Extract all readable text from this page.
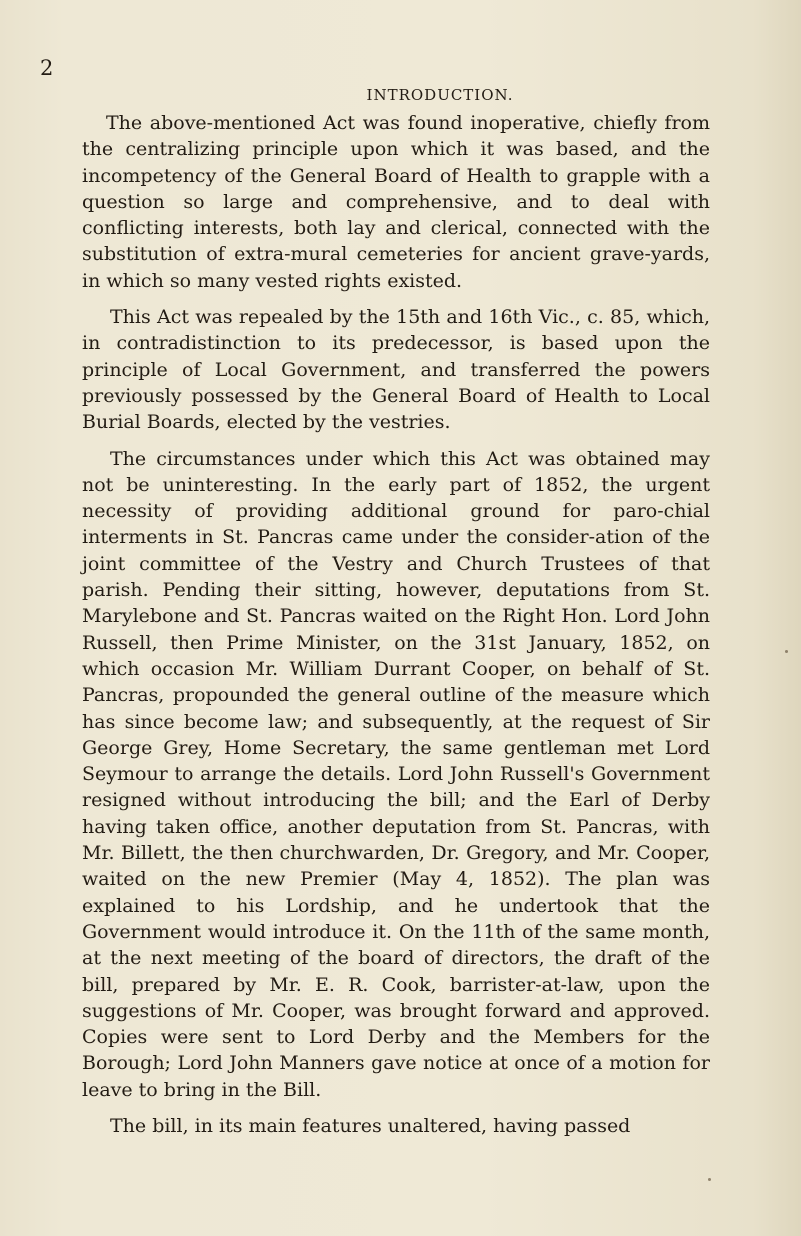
2
INTRODUCTION.

The above-mentioned Act was found inoperative, chiefly from the centralizing principle upon which it was based, and the incompetency of the General Board of Health to grapple with a question so large and comprehensive, and to deal with conflicting interests, both lay and clerical, connected with the substitution of extra-mural cemeteries for ancient grave-yards, in which so many vested rights existed.

This Act was repealed by the 15th and 16th Vic., c. 85, which, in contradistinction to its predecessor, is based upon the principle of Local Government, and transferred the powers previously possessed by the General Board of Health to Local Burial Boards, elected by the vestries.

The circumstances under which this Act was obtained may not be uninteresting. In the early part of 1852, the urgent necessity of providing additional ground for paro-chial interments in St. Pancras came under the consider-ation of the joint committee of the Vestry and Church Trustees of that parish. Pending their sitting, however, deputations from St. Marylebone and St. Pancras waited on the Right Hon. Lord John Russell, then Prime Minister, on the 31st January, 1852, on which occasion Mr. William Durrant Cooper, on behalf of St. Pancras, propounded the general outline of the measure which has since become law; and subsequently, at the request of Sir George Grey, Home Secretary, the same gentleman met Lord Seymour to arrange the details. Lord John Russell's Government resigned without introducing the bill; and the Earl of Derby having taken office, another deputation from St. Pancras, with Mr. Billett, the then churchwarden, Dr. Gregory, and Mr. Cooper, waited on the new Premier (May 4, 1852). The plan was explained to his Lordship, and he undertook that the Government would introduce it. On the 11th of the same month, at the next meeting of the board of directors, the draft of the bill, prepared by Mr. E. R. Cook, barrister-at-law, upon the suggestions of Mr. Cooper, was brought forward and approved. Copies were sent to Lord Derby and the Members for the Borough; Lord John Manners gave notice at once of a motion for leave to bring in the Bill.

The bill, in its main features unaltered, having passed
